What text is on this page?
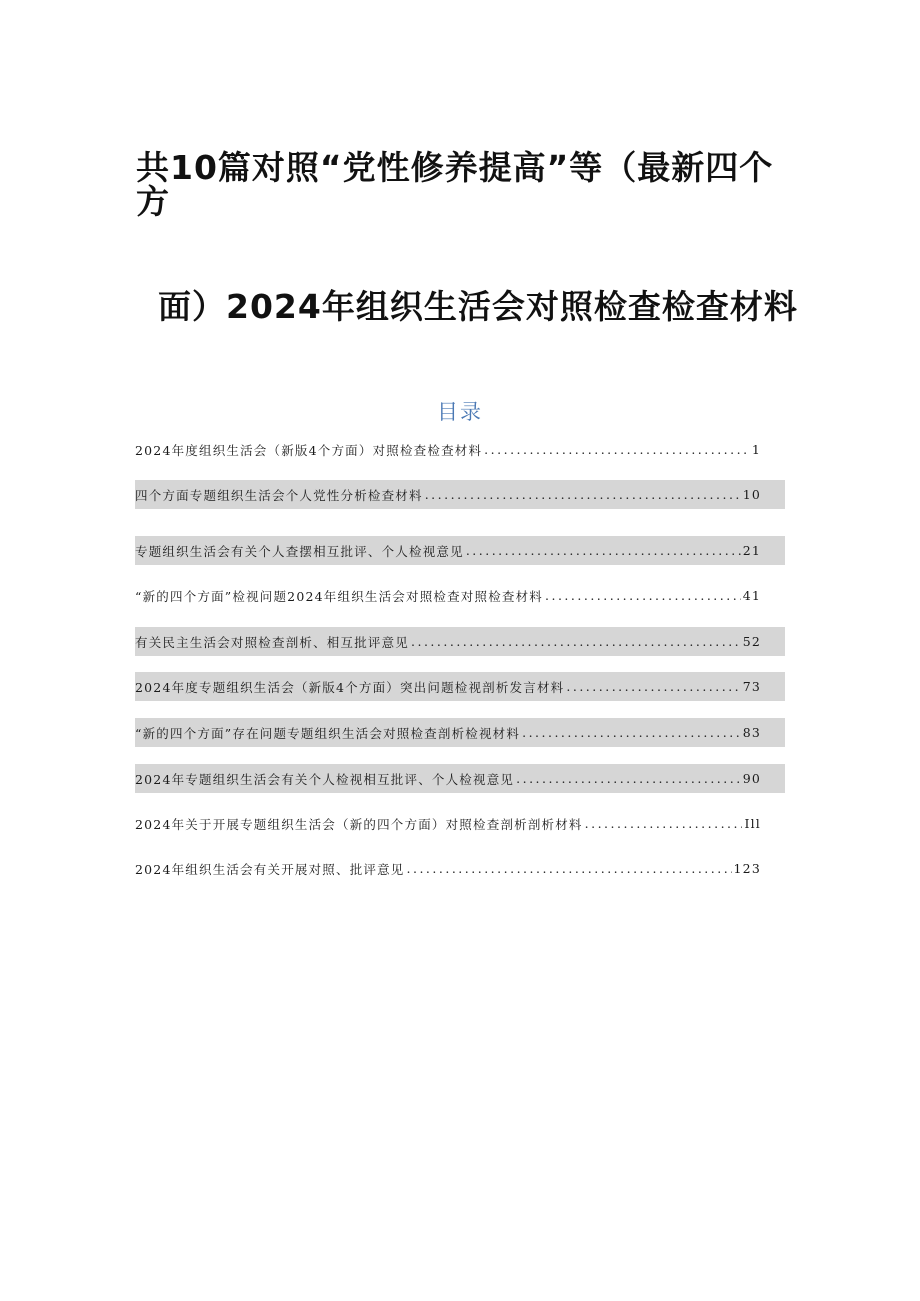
共10篇对照“党性修养提高”等（最新四个
方
面）2024年组织生活会对照检查检查材料
目录
2024年度组织生活会（新版4个方面）对照检查检查材料 .....	1
四个方面专题组织生活会个人党性分析检查材料 .....	10
专题组织生活会有关个人查摆相互批评、个人检视意见 .....	21
“新的四个方面”检视问题2024年组织生活会对照检查对照检查材料 .....	41
有关民主生活会对照检查剖析、相互批评意见 .....	52
2024年度专题组织生活会（新版4个方面）突出问题检视剖析发言材料 .....	73
“新的四个方面”存在问题专题组织生活会对照检查剖析检视材料 .....	83
2024年专题组织生活会有关个人检视相互批评、个人检视意见 .....	90
2024年关于开展专题组织生活会（新的四个方面）对照检查剖析剖析材料 .....	Ill
2024年组织生活会有关开展对照、批评意见 .....	123
